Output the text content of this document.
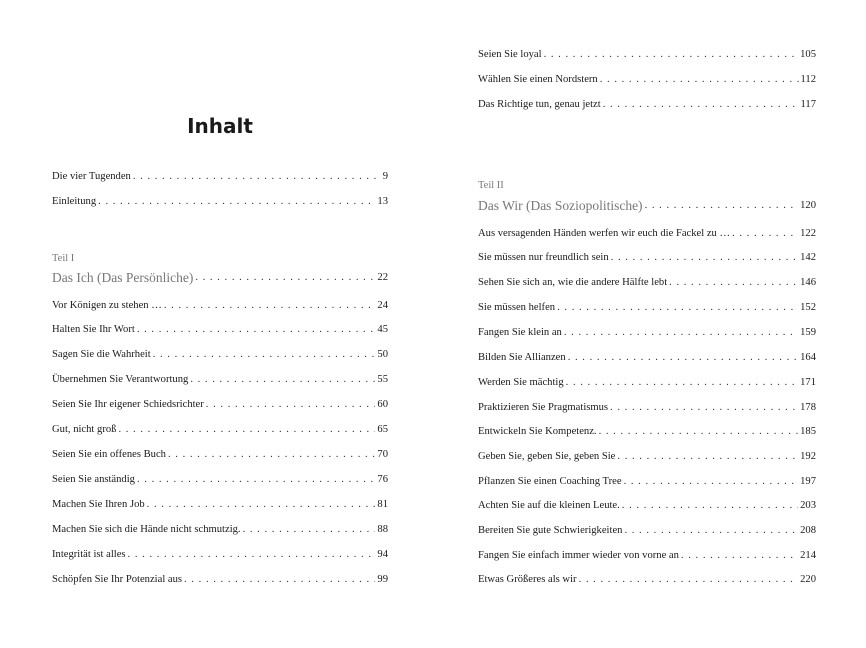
Inhalt
Die vier Tugenden . . .	9
Einleitung . . .	13
Teil I
Das Ich (Das Persönliche) . . .	22
Vor Königen zu stehen … . . .	24
Halten Sie Ihr Wort . . .	45
Sagen Sie die Wahrheit . . .	50
Übernehmen Sie Verantwortung . . .	55
Seien Sie Ihr eigener Schiedsrichter . . .	60
Gut, nicht groß . . .	65
Seien Sie ein offenes Buch . . .	70
Seien Sie anständig . . .	76
Machen Sie Ihren Job . . .	81
Machen Sie sich die Hände nicht schmutzig. . . .	88
Integrität ist alles . . .	94
Schöpfen Sie Ihr Potenzial aus . . .	99
Seien Sie loyal . . .	105
Wählen Sie einen Nordstern . . .	112
Das Richtige tun, genau jetzt . . .	117
Teil II
Das Wir (Das Soziopolitische) . . .	120
Aus versagenden Händen werfen wir euch die Fackel zu … . . .	122
Sie müssen nur freundlich sein . . .	142
Sehen Sie sich an, wie die andere Hälfte lebt . . .	146
Sie müssen helfen . . .	152
Fangen Sie klein an . . .	159
Bilden Sie Allianzen . . .	164
Werden Sie mächtig . . .	171
Praktizieren Sie Pragmatismus . . .	178
Entwickeln Sie Kompetenz. . . .	185
Geben Sie, geben Sie, geben Sie . . .	192
Pflanzen Sie einen Coaching Tree . . .	197
Achten Sie auf die kleinen Leute. . . .	203
Bereiten Sie gute Schwierigkeiten . . .	208
Fangen Sie einfach immer wieder von vorne an . . .	214
Etwas Größeres als wir . . .	220
